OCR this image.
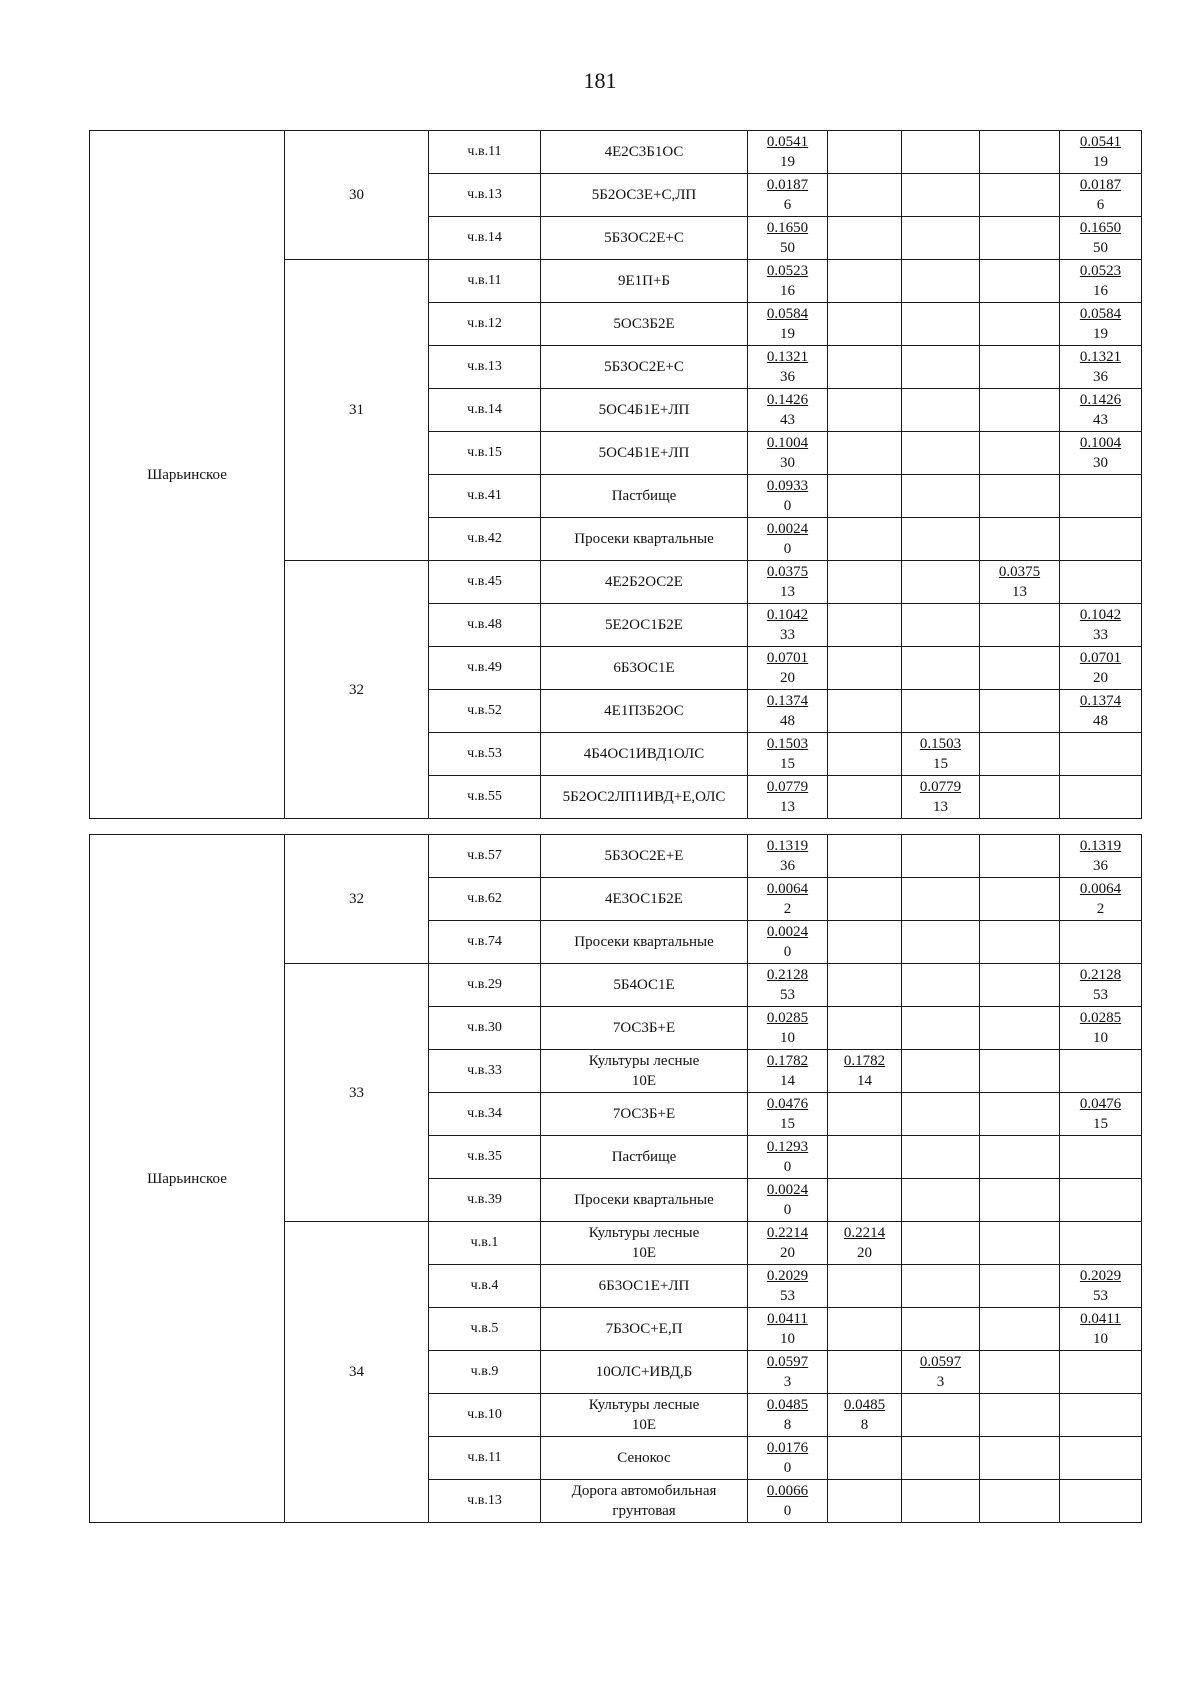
181
Шарьинское	30	ч.в.11	4Е2С3Б1ОС	$\frac{0.0541}{19}$				$\frac{0.0541}{19}$

		ч.в.13	5Б2ОС3Е+С,ЛП	$\frac{0.0187}{6}$				$\frac{0.0187}{6}$

		ч.в.14	5Б3ОС2Е+С	$\frac{0.1650}{50}$				$\frac{0.1650}{50}$

	31	ч.в.11	9Е1П+Б	$\frac{0.0523}{16}$				$\frac{0.0523}{16}$

		ч.в.12	5ОС3Б2Е	$\frac{0.0584}{19}$				$\frac{0.0584}{19}$

		ч.в.13	5Б3ОС2Е+С	$\frac{0.1321}{36}$				$\frac{0.1321}{36}$

		ч.в.14	5ОС4Б1Е+ЛП	$\frac{0.1426}{43}$				$\frac{0.1426}{43}$

		ч.в.15	5ОС4Б1Е+ЛП	$\frac{0.1004}{30}$				$\frac{0.1004}{30}$

		ч.в.41	Пастбище	$\frac{0.0933}{0}$

		ч.в.42	Просеки квартальные	$\frac{0.0024}{0}$

	32	ч.в.45	4Е2Б2ОС2Е	$\frac{0.0375}{13}$			$\frac{0.0375}{13}$

		ч.в.48	5Е2ОС1Б2Е	$\frac{0.1042}{33}$				$\frac{0.1042}{33}$

		ч.в.49	6Б3ОС1Е	$\frac{0.0701}{20}$				$\frac{0.0701}{20}$

		ч.в.52	4Е1П3Б2ОС	$\frac{0.1374}{48}$				$\frac{0.1374}{48}$

		ч.в.53	4Б4ОС1ИВД1ОЛС	$\frac{0.1503}{15}$		$\frac{0.1503}{15}$

		ч.в.55	5Б2ОС2ЛП1ИВД+Е,ОЛС	$\frac{0.0779}{13}$		$\frac{0.0779}{13}$

Шарьинское	32	ч.в.57	5Б3ОС2Е+Е	$\frac{0.1319}{36}$				$\frac{0.1319}{36}$

		ч.в.62	4Е3ОС1Б2Е	$\frac{0.0064}{2}$				$\frac{0.0064}{2}$

		ч.в.74	Просеки квартальные	$\frac{0.0024}{0}$

	33	ч.в.29	5Б4ОС1Е	$\frac{0.2128}{53}$				$\frac{0.2128}{53}$

		ч.в.30	7ОС3Б+Е	$\frac{0.0285}{10}$				$\frac{0.0285}{10}$

		ч.в.33	Культуры лесные
10Е	$\frac{0.1782}{14}$	$\frac{0.1782}{14}$

		ч.в.34	7ОС3Б+Е	$\frac{0.0476}{15}$				$\frac{0.0476}{15}$

		ч.в.35	Пастбище	$\frac{0.1293}{0}$

		ч.в.39	Просеки квартальные	$\frac{0.0024}{0}$

	34	ч.в.1	Культуры лесные
10Е	$\frac{0.2214}{20}$	$\frac{0.2214}{20}$

		ч.в.4	6Б3ОС1Е+ЛП	$\frac{0.2029}{53}$				$\frac{0.2029}{53}$

		ч.в.5	7Б3ОС+Е,П	$\frac{0.0411}{10}$				$\frac{0.0411}{10}$

		ч.в.9	10ОЛС+ИВД,Б	$\frac{0.0597}{3}$		$\frac{0.0597}{3}$

		ч.в.10	Культуры лесные
10Е	$\frac{0.0485}{8}$	$\frac{0.0485}{8}$

		ч.в.11	Сенокос	$\frac{0.0176}{0}$

		ч.в.13	Дорога автомобильная
грунтовая	$\frac{0.0066}{0}$
